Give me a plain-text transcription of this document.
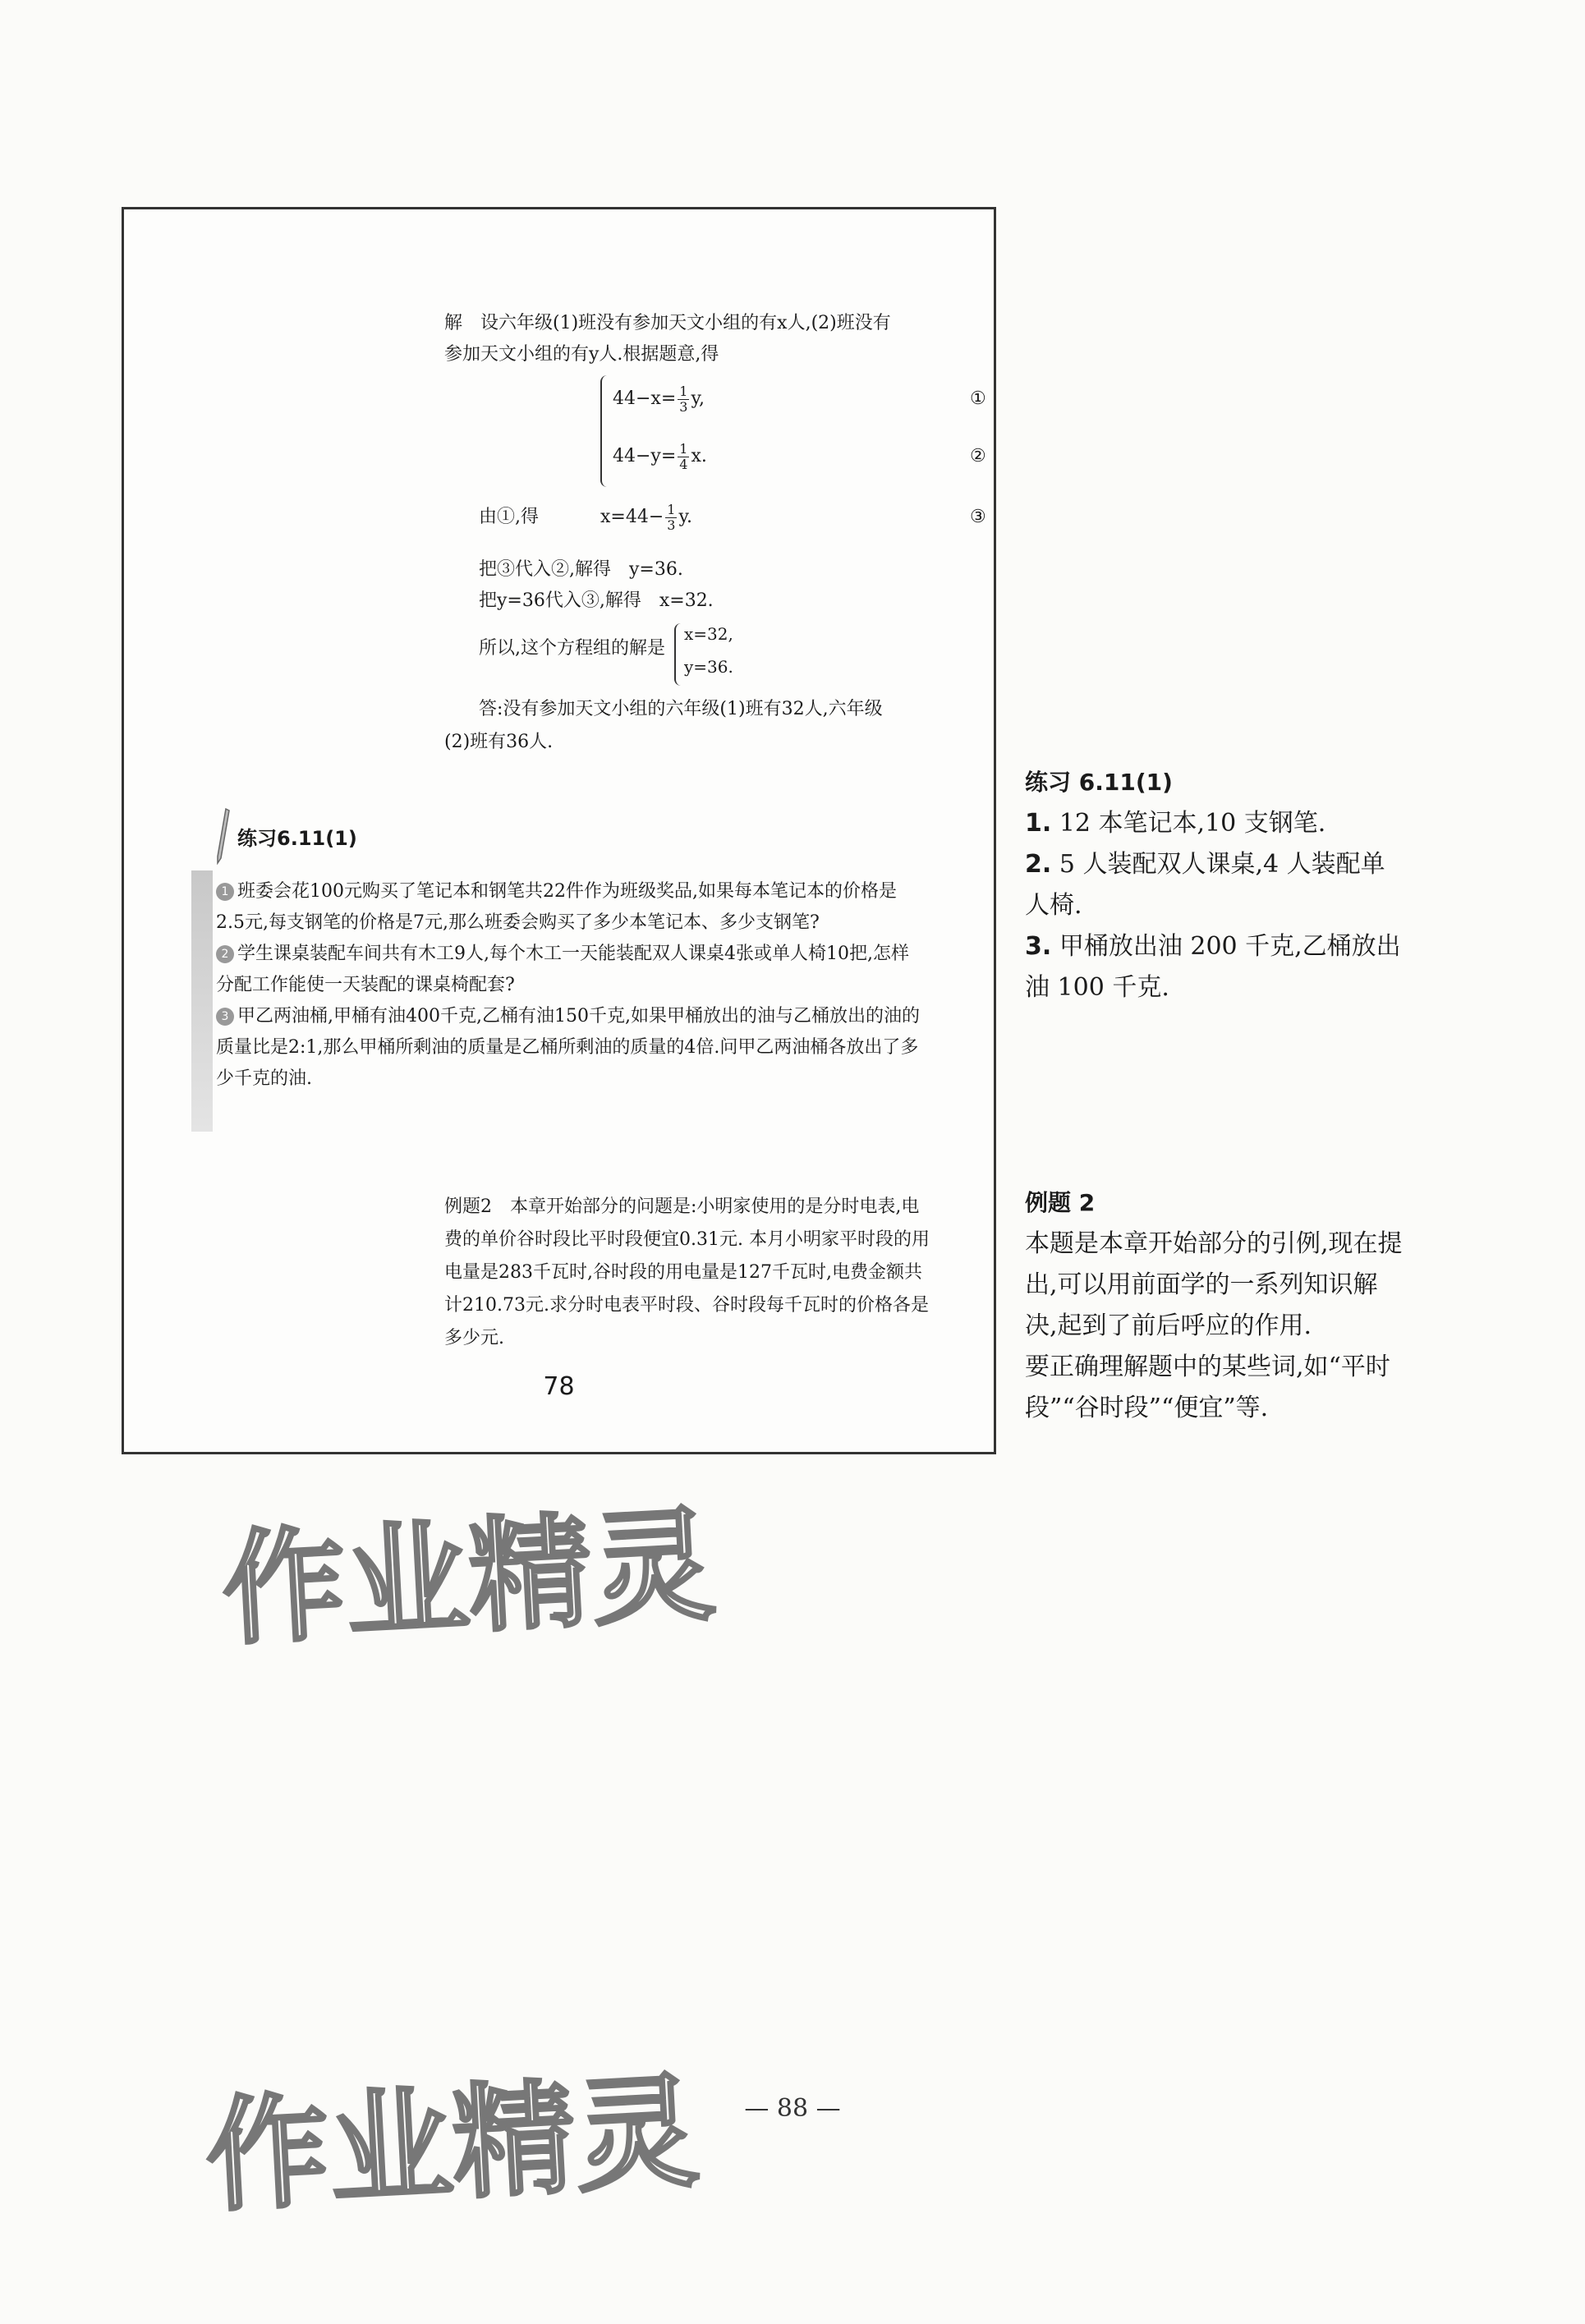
解　设六年级(1)班没有参加天文小组的有x人,(2)班没有
参加天文小组的有y人.根据题意,得
$44-x= \frac{1}{3} y$,	①
$44-y= \frac{1}{4} x$.	②
由①,得	$x=44- \frac{1}{3} y$.	③
把③代入②,解得　y=36.
把y=36代入③,解得　x=32.
所以,这个方程组的解是
x=32,
y=36.
答:没有参加天文小组的六年级(1)班有32人,六年级
(2)班有36人.
练习6.11(1)

1 班委会花100元购买了笔记本和钢笔共22件作为班级奖品,如果每本笔记本的价格是2.5元,每支钢笔的价格是7元,那么班委会购买了多少本笔记本、多少支钢笔?

2 学生课桌装配车间共有木工9人,每个木工一天能装配双人课桌4张或单人椅10把,怎样分配工作能使一天装配的课桌椅配套?

3 甲乙两油桶,甲桶有油400千克,乙桶有油150千克,如果甲桶放出的油与乙桶放出的油的质量比是2:1,那么甲桶所剩油的质量是乙桶所剩油的质量的4倍.问甲乙两油桶各放出了多少千克的油.

例题2　本章开始部分的问题是:小明家使用的是分时电表,电费的单价谷时段比平时段便宜0.31元. 本月小明家平时段的用电量是283千瓦时,谷时段的用电量是127千瓦时,电费金额共计210.73元.求分时电表平时段、谷时段每千瓦时的价格各是多少元.
78
练习 6.11(1)
1. 12 本笔记本,10 支钢笔.
2. 5 人装配双人课桌,4 人装配单人椅.
3. 甲桶放出油 200 千克,乙桶放出油 100 千克.
例题 2
本题是本章开始部分的引例,现在提出,可以用前面学的一系列知识解决,起到了前后呼应的作用.
要正确理解题中的某些词,如“平时段”“谷时段”“便宜”等.
作业精灵
作业精灵	— 88 —
